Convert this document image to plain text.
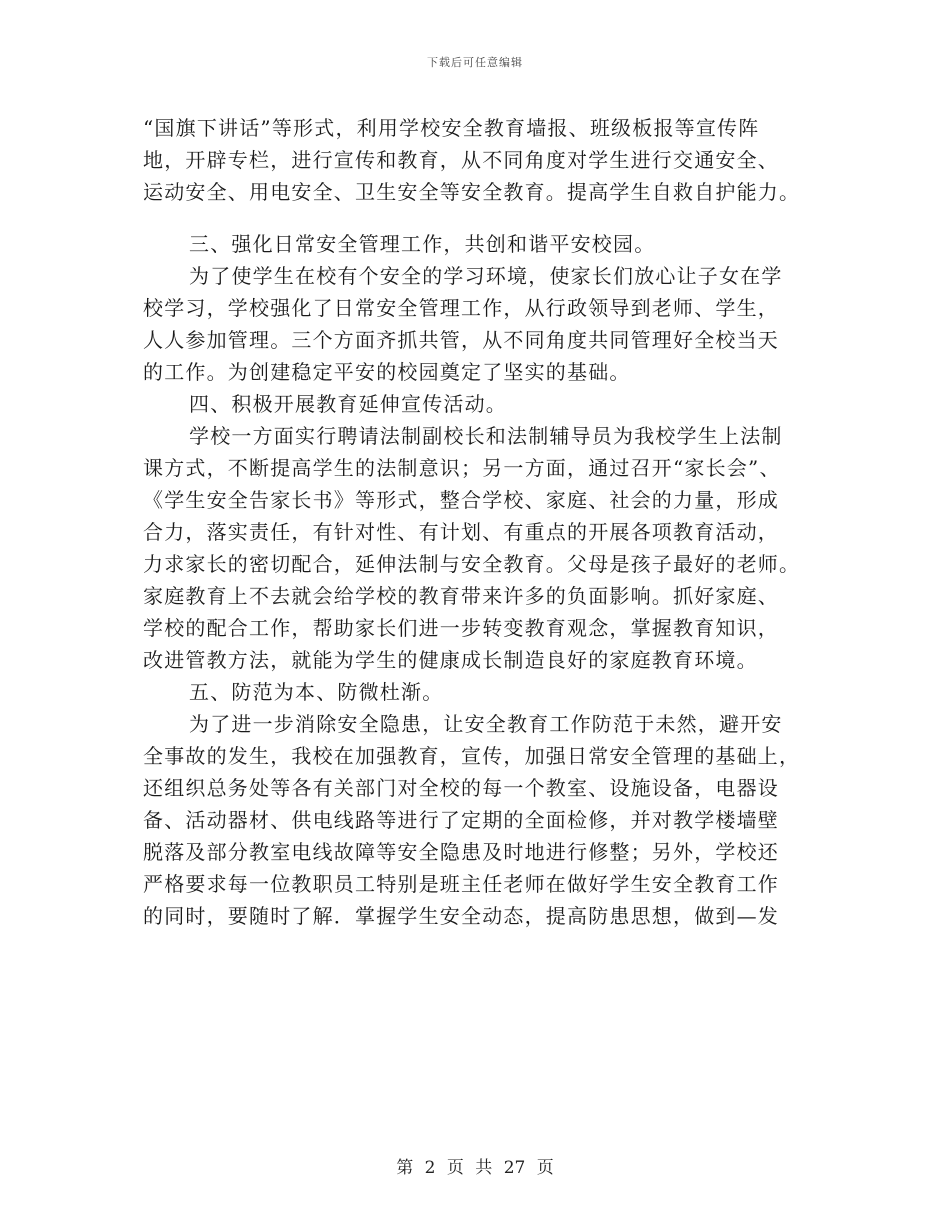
下载后可任意编辑
“国旗下讲话”等形式，利用学校安全教育墙报、班级板报等宣传阵
地，开辟专栏，进行宣传和教育，从不同角度对学生进行交通安全、
运动安全、用电安全、卫生安全等安全教育。提高学生自救自护能力。
三、强化日常安全管理工作，共创和谐平安校园。
为了使学生在校有个安全的学习环境，使家长们放心让子女在学
校学习，学校强化了日常安全管理工作，从行政领导到老师、学生，
人人参加管理。三个方面齐抓共管，从不同角度共同管理好全校当天
的工作。为创建稳定平安的校园奠定了坚实的基础。
四、积极开展教育延伸宣传活动。
学校一方面实行聘请法制副校长和法制辅导员为我校学生上法制
课方式，不断提高学生的法制意识；另一方面，通过召开“家长会”、
《学生安全告家长书》等形式，整合学校、家庭、社会的力量，形成
合力，落实责任，有针对性、有计划、有重点的开展各项教育活动，
力求家长的密切配合，延伸法制与安全教育。父母是孩子最好的老师。
家庭教育上不去就会给学校的教育带来许多的负面影响。抓好家庭、
学校的配合工作，帮助家长们进一步转变教育观念，掌握教育知识，
改进管教方法，就能为学生的健康成长制造良好的家庭教育环境。
五、防范为本、防微杜渐。
为了进一步消除安全隐患，让安全教育工作防范于未然，避开安
全事故的发生，我校在加强教育，宣传，加强日常安全管理的基础上，
还组织总务处等各有关部门对全校的每一个教室、设施设备，电器设
备、活动器材、供电线路等进行了定期的全面检修，并对教学楼墙壁
脱落及部分教室电线故障等安全隐患及时地进行修整；另外，学校还
严格要求每一位教职员工特别是班主任老师在做好学生安全教育工作
的同时，要随时了解．掌握学生安全动态，提高防患思想，做到—发
第 2 页 共 27 页
